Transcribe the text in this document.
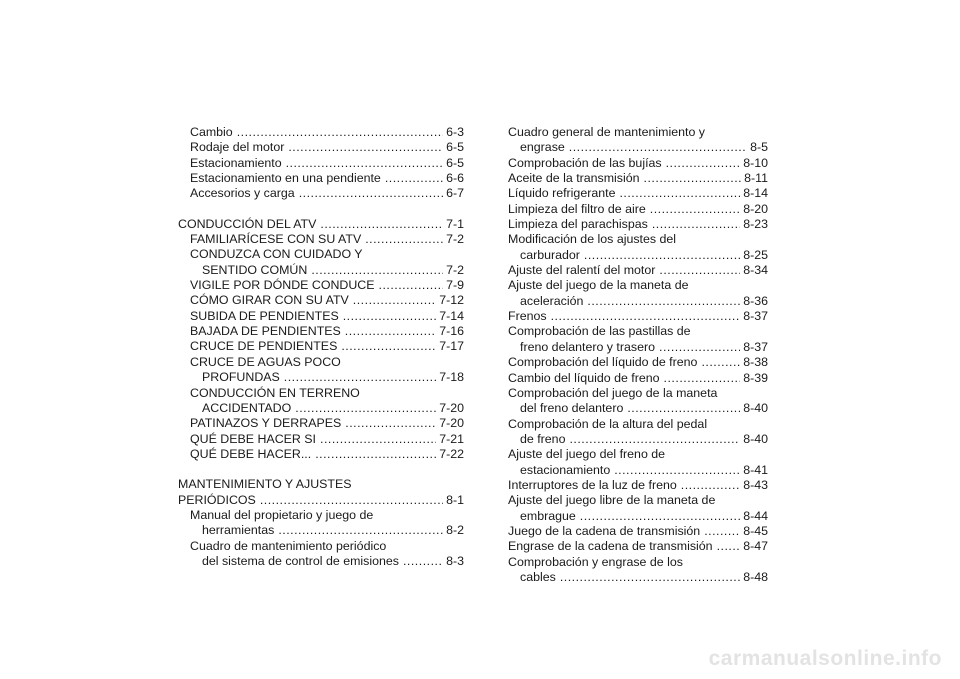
Cambio .....	6-3
Rodaje del motor .....	6-5
Estacionamiento .....	6-5
Estacionamiento en una pendiente .....	6-6
Accesorios y carga .....	6-7
CONDUCCIÓN DEL ATV .....	7-1
FAMILIARÍCESE CON SU ATV .....	7-2
CONDUZCA CON CUIDADO Y
SENTIDO COMÚN .....	7-2
VIGILE POR DÓNDE CONDUCE .....	7-9
CÓMO GIRAR CON SU ATV .....	7-12
SUBIDA DE PENDIENTES .....	7-14
BAJADA DE PENDIENTES .....	7-16
CRUCE DE PENDIENTES .....	7-17
CRUCE DE AGUAS POCO
PROFUNDAS .....	7-18
CONDUCCIÓN EN TERRENO
ACCIDENTADO .....	7-20
PATINAZOS Y DERRAPES .....	7-20
QUÉ DEBE HACER SI .....	7-21
QUÉ DEBE HACER... .....	7-22
MANTENIMIENTO Y AJUSTES
PERIÓDICOS .....	8-1
Manual del propietario y juego de
herramientas .....	8-2
Cuadro de mantenimiento periódico
del sistema de control de emisiones .....	8-3
Cuadro general de mantenimiento y
engrase .....	8-5
Comprobación de las bujías .....	8-10
Aceite de la transmisión .....	8-11
Líquido refrigerante .....	8-14
Limpieza del filtro de aire .....	8-20
Limpieza del parachispas .....	8-23
Modificación de los ajustes del
carburador .....	8-25
Ajuste del ralentí del motor .....	8-34
Ajuste del juego de la maneta de
aceleración .....	8-36
Frenos .....	8-37
Comprobación de las pastillas de
freno delantero y trasero .....	8-37
Comprobación del líquido de freno .....	8-38
Cambio del líquido de freno .....	8-39
Comprobación del juego de la maneta
del freno delantero .....	8-40
Comprobación de la altura del pedal
de freno .....	8-40
Ajuste del juego del freno de
estacionamiento .....	8-41
Interruptores de la luz de freno .....	8-43
Ajuste del juego libre de la maneta de
embrague .....	8-44
Juego de la cadena de transmisión .....	8-45
Engrase de la cadena de transmisión ..... 8-47
Comprobación y engrase de los
cables .....	8-48
carmanualsonline.info
